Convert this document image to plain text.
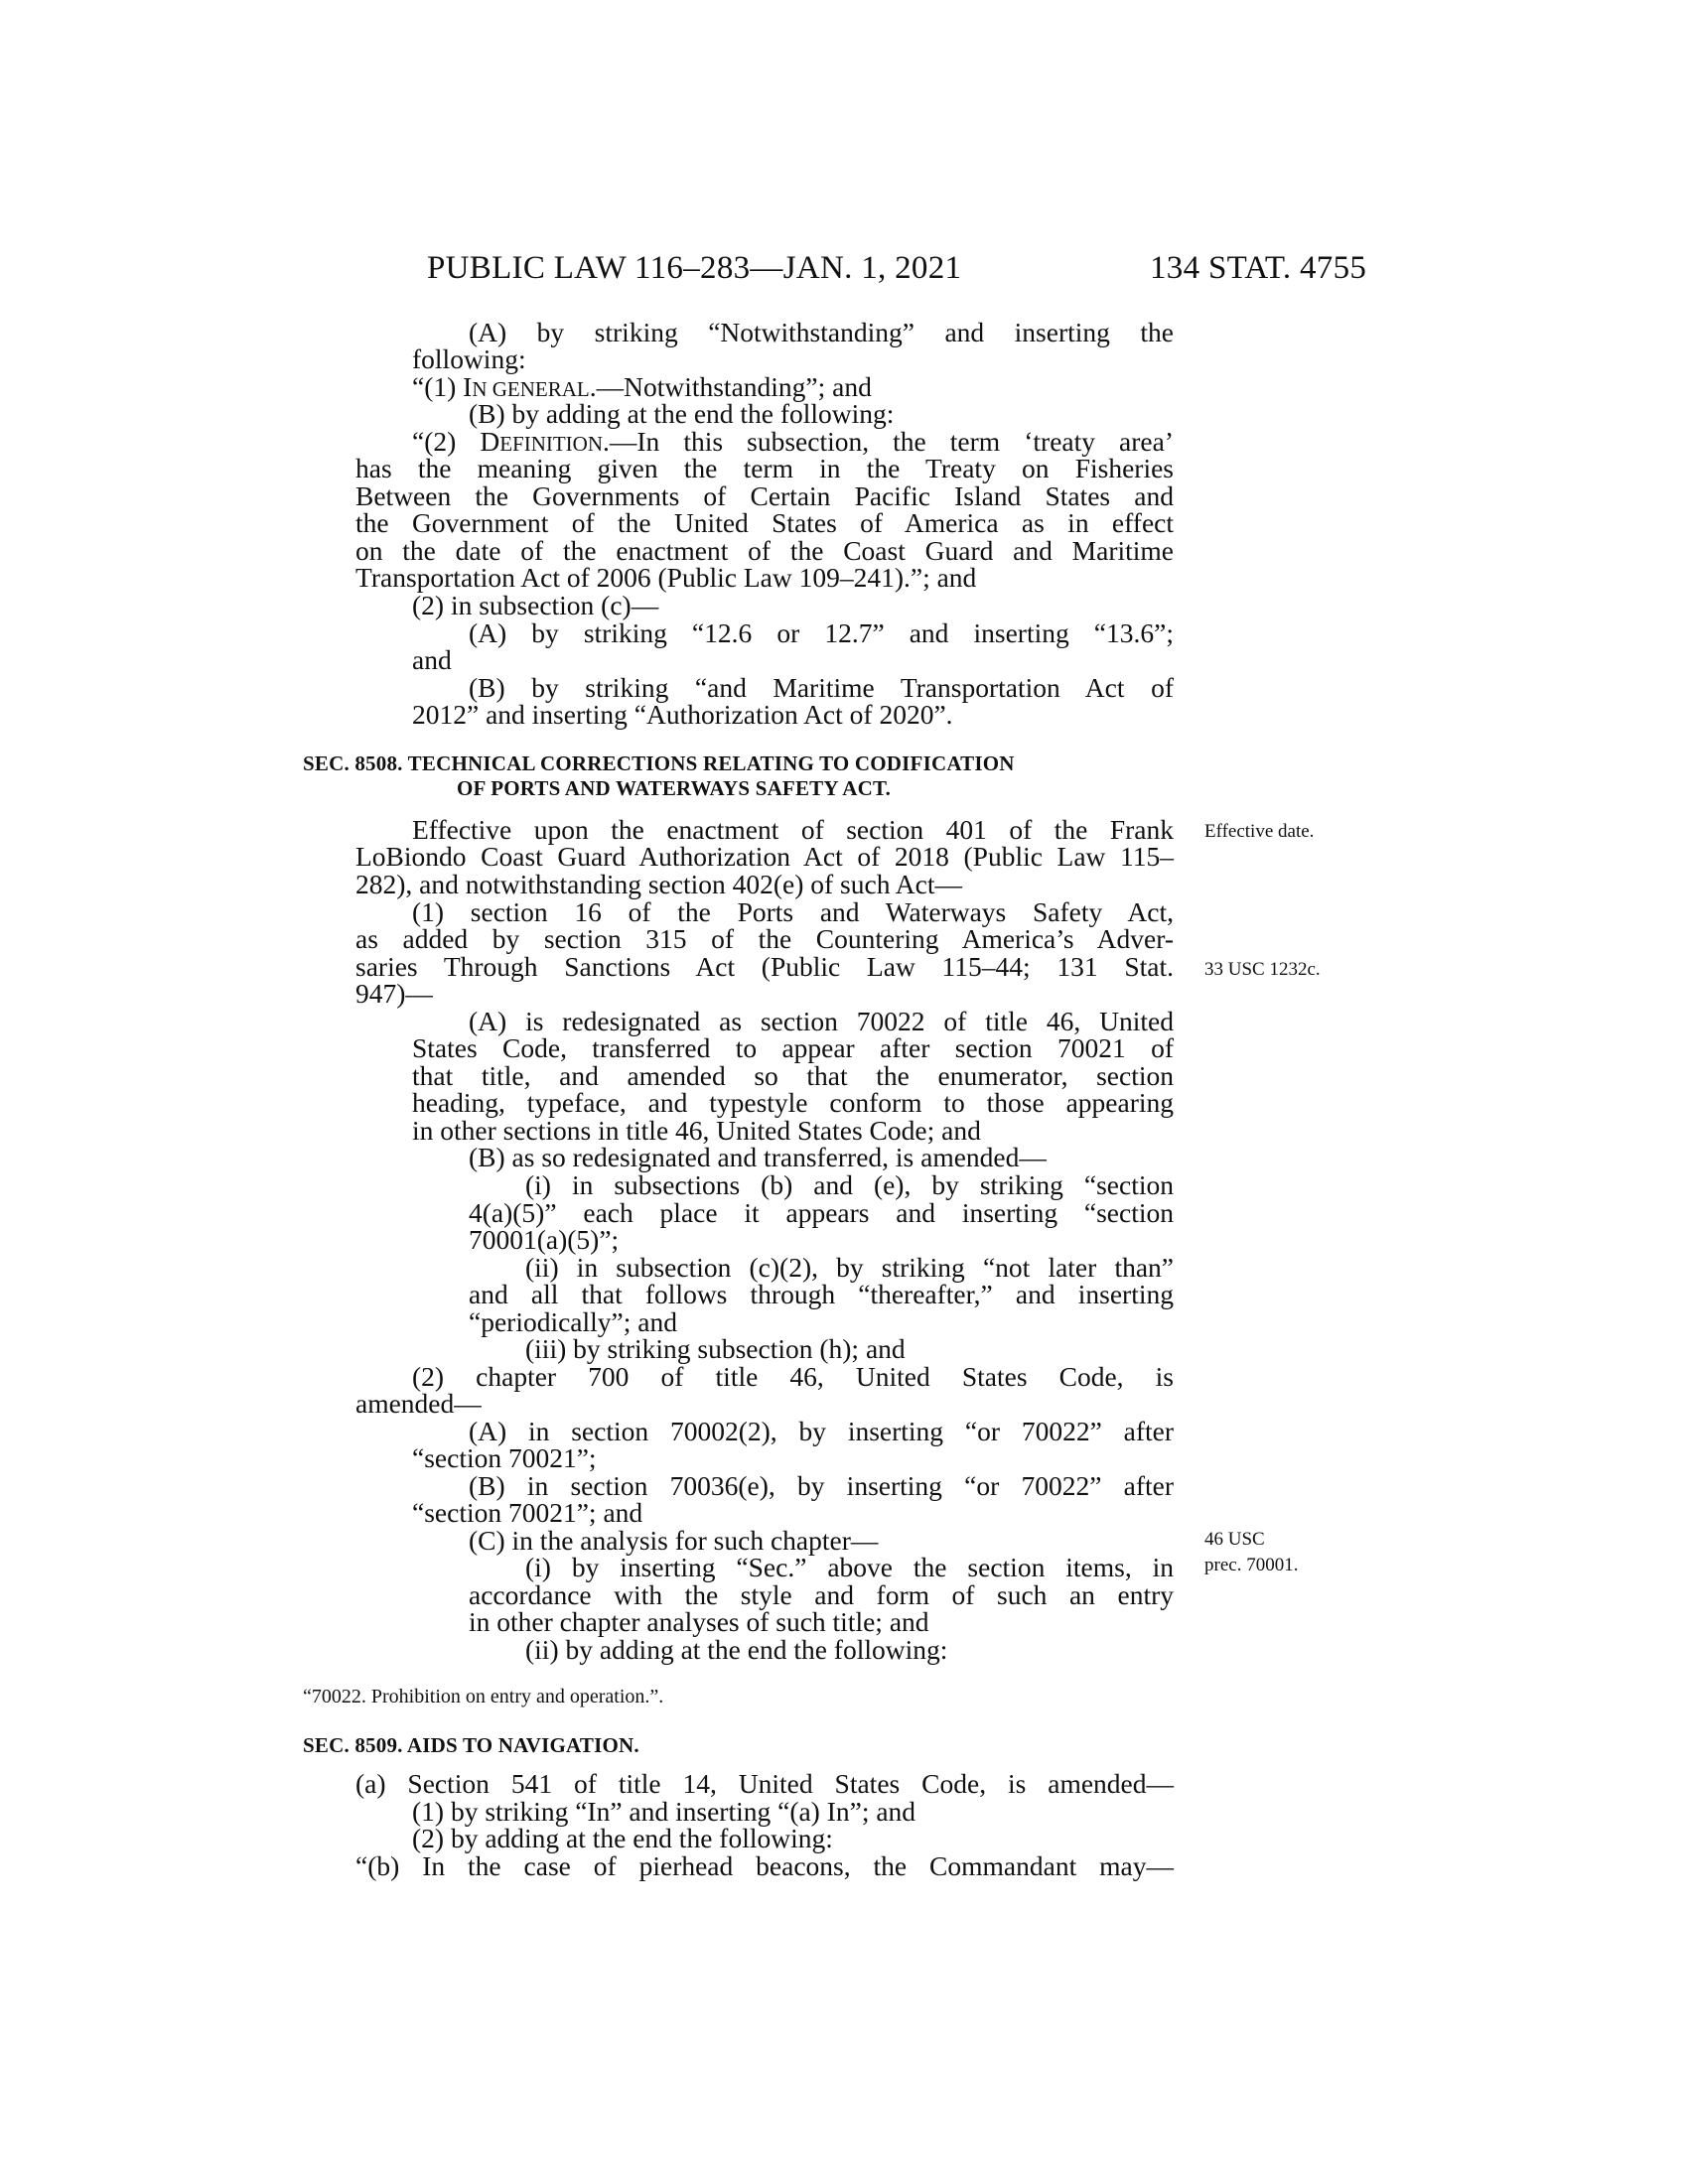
PUBLIC LAW 116–283—JAN. 1, 2021	134 STAT. 4755
(A) by striking “Notwithstanding” and inserting the
following:
“(1) IN GENERAL.—Notwithstanding”; and
(B) by adding at the end the following:
“(2) DEFINITION.—In this subsection, the term ‘treaty area’
has the meaning given the term in the Treaty on Fisheries
Between the Governments of Certain Pacific Island States and
the Government of the United States of America as in effect
on the date of the enactment of the Coast Guard and Maritime
Transportation Act of 2006 (Public Law 109–241).”; and
(2) in subsection (c)—
(A) by striking “12.6 or 12.7” and inserting “13.6”;
and
(B) by striking “and Maritime Transportation Act of
2012” and inserting “Authorization Act of 2020”.
SEC. 8508. TECHNICAL CORRECTIONS RELATING TO CODIFICATION
OF PORTS AND WATERWAYS SAFETY ACT.
Effective upon the enactment of section 401 of the Frank Effective date.
LoBiondo Coast Guard Authorization Act of 2018 (Public Law 115–
282), and notwithstanding section 402(e) of such Act—
(1) section 16 of the Ports and Waterways Safety Act,
as added by section 315 of the Countering America’s Adver-
saries Through Sanctions Act (Public Law 115–44; 131 Stat. 33 USC 1232c.
947)—
(A) is redesignated as section 70022 of title 46, United
States Code, transferred to appear after section 70021 of
that title, and amended so that the enumerator, section
heading, typeface, and typestyle conform to those appearing
in other sections in title 46, United States Code; and
(B) as so redesignated and transferred, is amended—
(i) in subsections (b) and (e), by striking “section
4(a)(5)” each place it appears and inserting “section
70001(a)(5)”;
(ii) in subsection (c)(2), by striking “not later than”
and all that follows through “thereafter,” and inserting
“periodically”; and
(iii) by striking subsection (h); and
(2) chapter 700 of title 46, United States Code, is
amended—
(A) in section 70002(2), by inserting “or 70022” after
“section 70021”;
(B) in section 70036(e), by inserting “or 70022” after
“section 70021”; and
(C) in the analysis for such chapter—	46 USC
(i) by inserting “Sec.” above the section items, in prec. 70001.
accordance with the style and form of such an entry
in other chapter analyses of such title; and
(ii) by adding at the end the following:
“70022. Prohibition on entry and operation.”.
SEC. 8509. AIDS TO NAVIGATION.
(a) Section 541 of title 14, United States Code, is amended—
(1) by striking “In” and inserting “(a) In”; and
(2) by adding at the end the following:
“(b) In the case of pierhead beacons, the Commandant may—
